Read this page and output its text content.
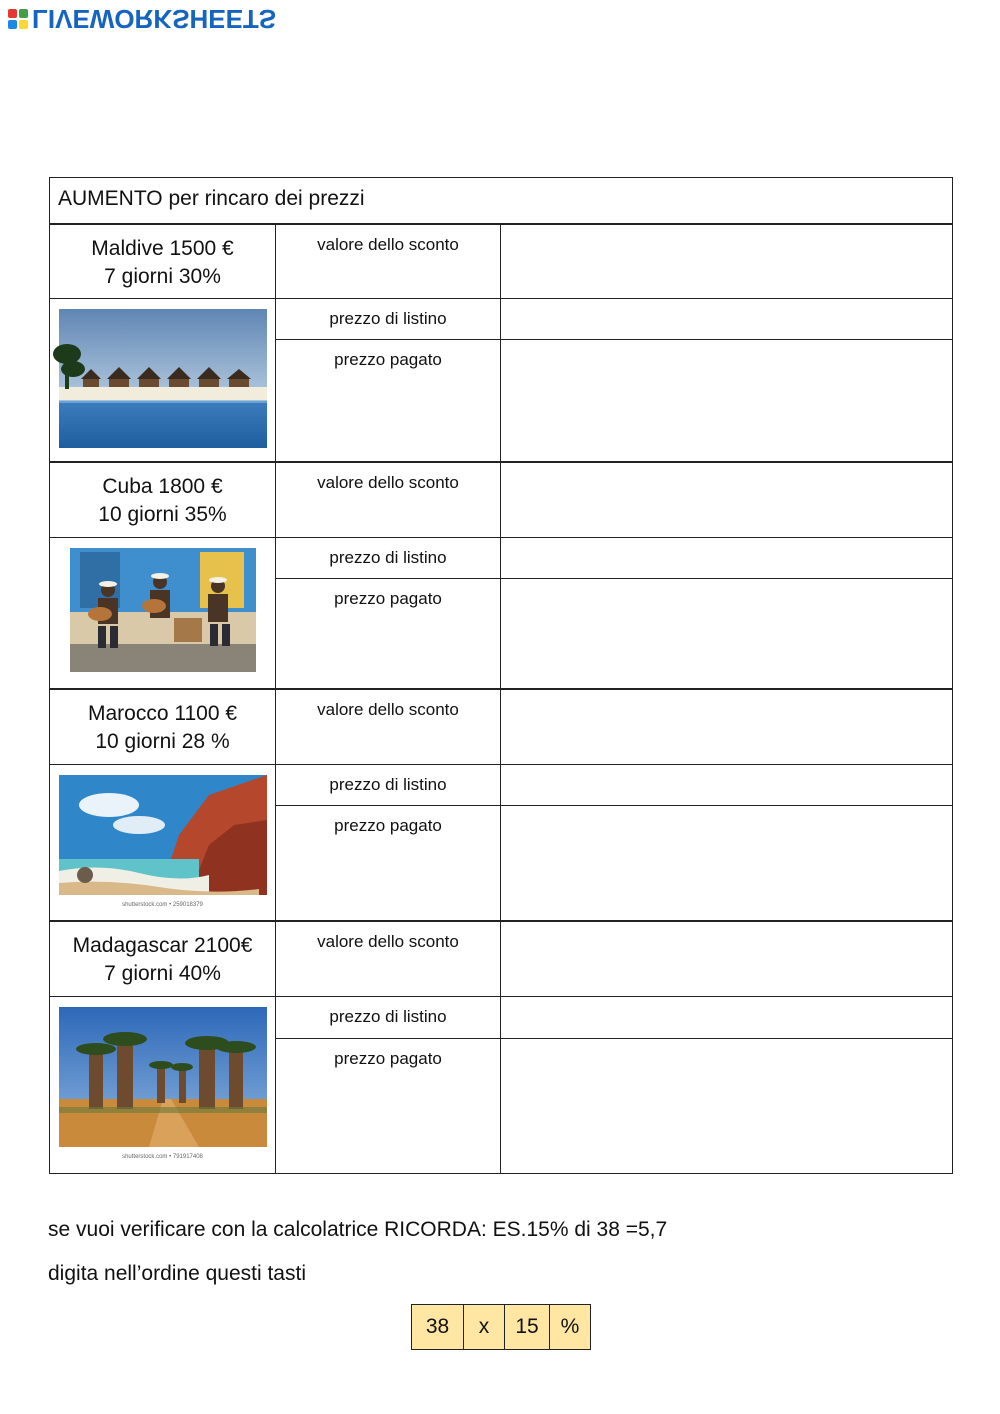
LIVEWORKSHEETS
AUMENTO per rincaro dei prezzi		

Maldive 1500 €
7 giorni 30%	valore dello sconto	
	prezzo di listino	
	prezzo pagato	

Cuba 1800 €
10 giorni 35%	valore dello sconto	
	prezzo di listino	
	prezzo pagato	

Marocco 1100 €
10 giorni 28 %	valore dello sconto	

shutterstock.com • 259018379	prezzo di listino	
	prezzo pagato	

Madagascar 2100€
7 giorni 40%	valore dello sconto	

shutterstock.com • 791917408	prezzo di listino	
	prezzo pagato	
se vuoi verificare con la calcolatrice RICORDA: ES.15% di 38 =5,7
digita nell’ordine questi tasti
38	x	15	%
